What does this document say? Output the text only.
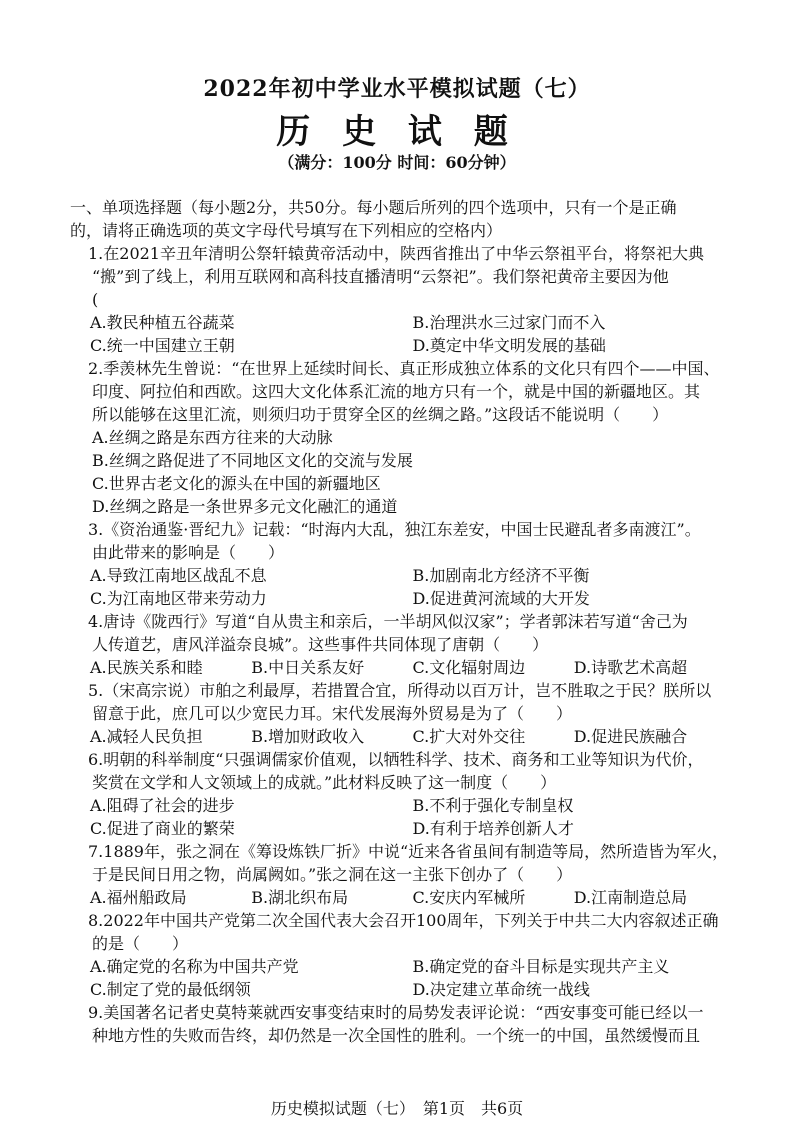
2022年初中学业水平模拟试题（七）
历 史 试 题
（满分：100分 时间：60分钟）
一、单项选择题（每小题2分，共50分。每小题后所列的四个选项中，只有一个是正确
的，请将正确选项的英文字母代号填写在下列相应的空格内）
1.在2021辛丑年清明公祭轩辕黄帝活动中，陕西省推出了中华云祭祖平台，将祭祀大典
“搬”到了线上，利用互联网和高科技直播清明“云祭祀”。我们祭祀黄帝主要因为他
(
A.教民种植五谷蔬菜	B.治理洪水三过家门而不入
C.统一中国建立王朝	D.奠定中华文明发展的基础
2.季羡林先生曾说：“在世界上延续时间长、真正形成独立体系的文化只有四个——中国、
印度、阿拉伯和西欧。这四大文化体系汇流的地方只有一个，就是中国的新疆地区。其
所以能够在这里汇流，则须归功于贯穿全区的丝绸之路。”这段话不能说明（　　）
A.丝绸之路是东西方往来的大动脉
B.丝绸之路促进了不同地区文化的交流与发展
C.世界古老文化的源头在中国的新疆地区
D.丝绸之路是一条世界多元文化融汇的通道
3.《资治通鉴·晋纪九》记载：“时海内大乱，独江东差安，中国士民避乱者多南渡江”。
由此带来的影响是（　　）
A.导致江南地区战乱不息	B.加剧南北方经济不平衡
C.为江南地区带来劳动力	D.促进黄河流域的大开发
4.唐诗《陇西行》写道“自从贵主和亲后，一半胡风似汉家”；学者郭沫若写道“舍己为
人传道艺，唐风洋溢奈良城”。这些事件共同体现了唐朝（　　）
A.民族关系和睦	B.中日关系友好	C.文化辐射周边	D.诗歌艺术高超
5.（宋高宗说）市舶之利最厚，若措置合宜，所得动以百万计，岂不胜取之于民？朕所以
留意于此，庶几可以少宽民力耳。宋代发展海外贸易是为了（　　）
A.减轻人民负担	B.增加财政收入	C.扩大对外交往	D.促进民族融合
6.明朝的科举制度“只强调儒家价值观，以牺牲科学、技术、商务和工业等知识为代价，
奖赏在文学和人文领域上的成就。”此材料反映了这一制度（　　）
A.阻碍了社会的进步	B.不利于强化专制皇权
C.促进了商业的繁荣	D.有利于培养创新人才
7.1889年，张之洞在《筹设炼铁厂折》中说“近来各省虽间有制造等局，然所造皆为军火，
于是民间日用之物，尚属阙如。”张之洞在这一主张下创办了（　　）
A.福州船政局	B.湖北织布局	C.安庆内军械所	D.江南制造总局
8.2022年中国共产党第二次全国代表大会召开100周年，下列关于中共二大内容叙述正确
的是（　　）
A.确定党的名称为中国共产党	B.确定党的奋斗目标是实现共产主义
C.制定了党的最低纲领	D.决定建立革命统一战线
9.美国著名记者史莫特莱就西安事变结束时的局势发表评论说：“西安事变可能已经以一
种地方性的失败而告终，却仍然是一次全国性的胜利。一个统一的中国，虽然缓慢而且
历史模拟试题（七）　第1页　共6页
